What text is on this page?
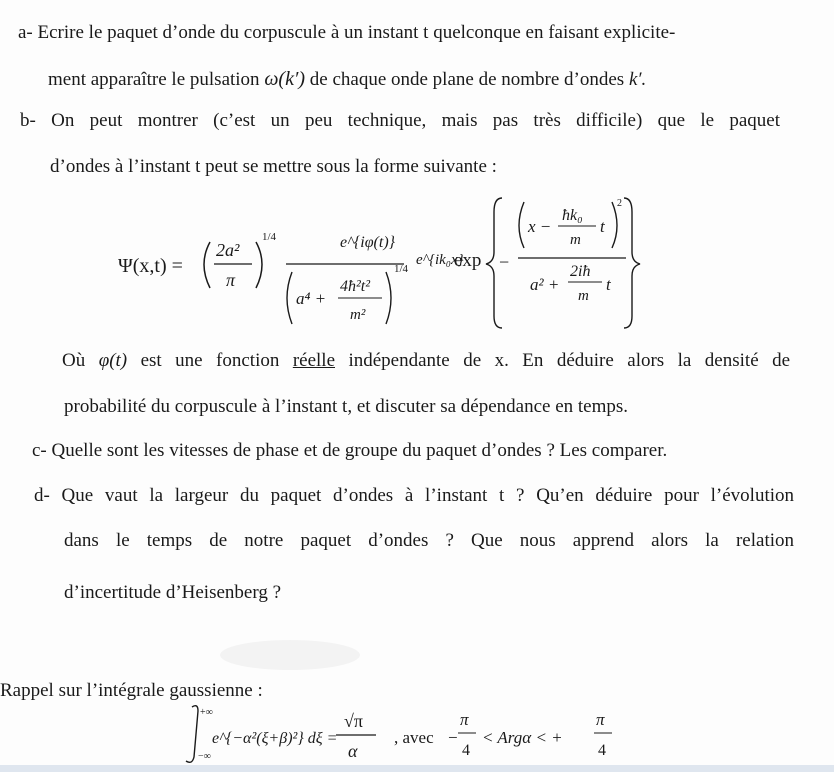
a- Ecrire le paquet d’onde du corpuscule à un instant t quelconque en faisant explicite-
ment apparaître le pulsation ω(k′) de chaque onde plane de nombre d’ondes k′.
b- On peut montrer (c’est un peu technique, mais pas très difficile) que le paquet
d’ondes à l’instant t peut se mettre sous la forme suivante :
Ψ(x,t) =
2a²
π
1/4	e^{iφ(t)}
a⁴ +
4ħ²t²
m²
1/4
e^{ik₀x}
exp −
x −
ħk₀
m
t
2
a² +
2iħ
m
t
Où φ(t) est une fonction réelle indépendante de x. En déduire alors la densité de
probabilité du corpuscule à l’instant t, et discuter sa dépendance en temps.
c- Quelle sont les vitesses de phase et de groupe du paquet d’ondes ? Les comparer.
d- Que vaut la largeur du paquet d’ondes à l’instant t ? Qu’en déduire pour l’évolution
dans le temps de notre paquet d’ondes ? Que nous apprend alors la relation
d’incertitude d’Heisenberg ?
Rappel sur l’intégrale gaussienne :
+∞
−∞
e^{−α²(ξ+β)²} dξ =
√π
α
, avec −
π
4
< Argα < +
π
4
